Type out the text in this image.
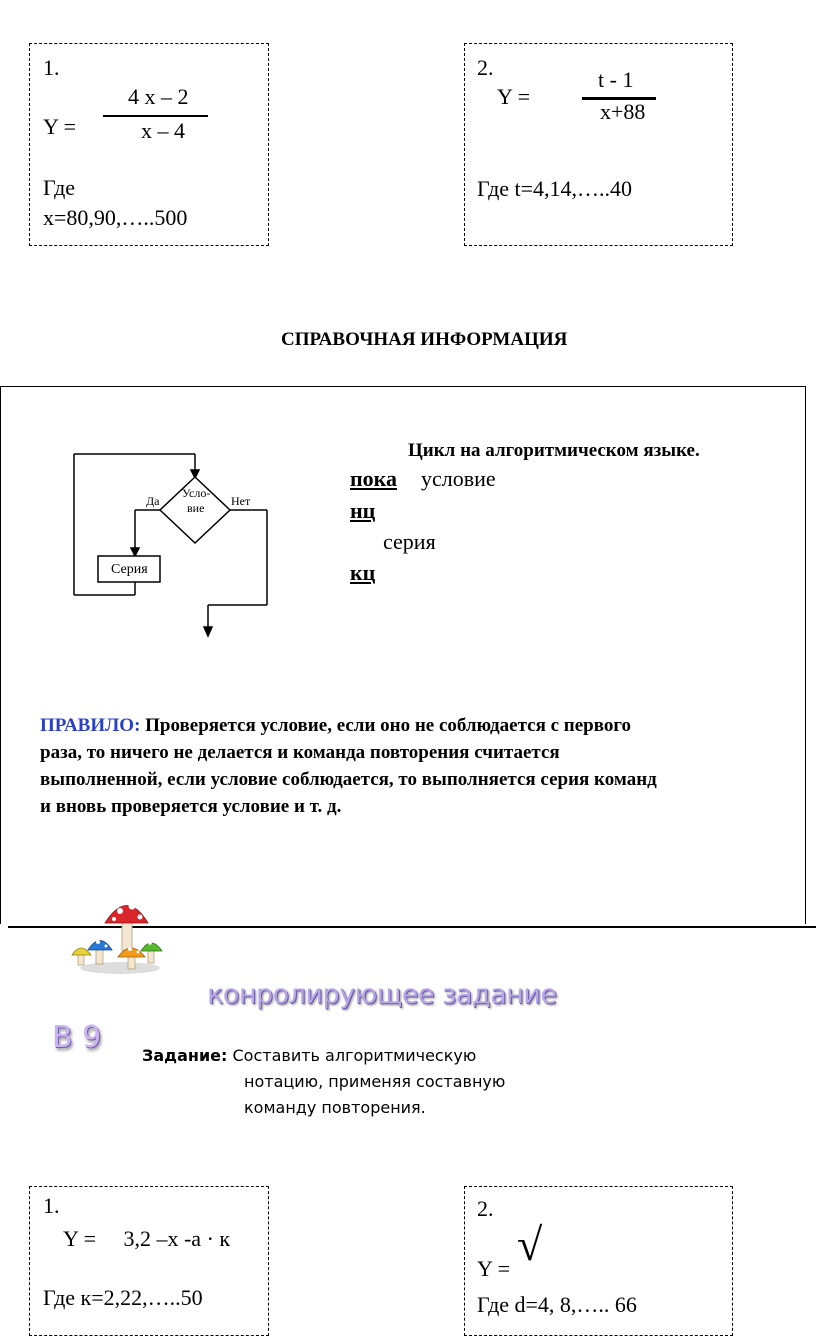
1.
4 x – 2
Y =	x – 4
Где
x=80,90,…..500
2.	t - 1
Y =
x+88
Где t=4,14,…..40
СПРАВОЧНАЯ ИНФОРМАЦИЯ
Усло-
вие
Да	Нет
Серия
Цикл на алгоритмическом языке.
пока условие
нц
серия
кц
ПРАВИЛО: Проверяется условие, если оно не соблюдается с первого
раза, то ничего не делается и команда повторения считается
выполненной, если условие соблюдается, то выполняется серия команд
и вновь проверяется условие и т. д.
конролирующее задание
В 9
Задание: Составить алгоритмическую
нотацию, применяя составную
команду повторения.
1.
Y =     3,2 –x -а · к
Где к=2,22,…..50
2.
Y = √
Где d=4, 8,….. 66
